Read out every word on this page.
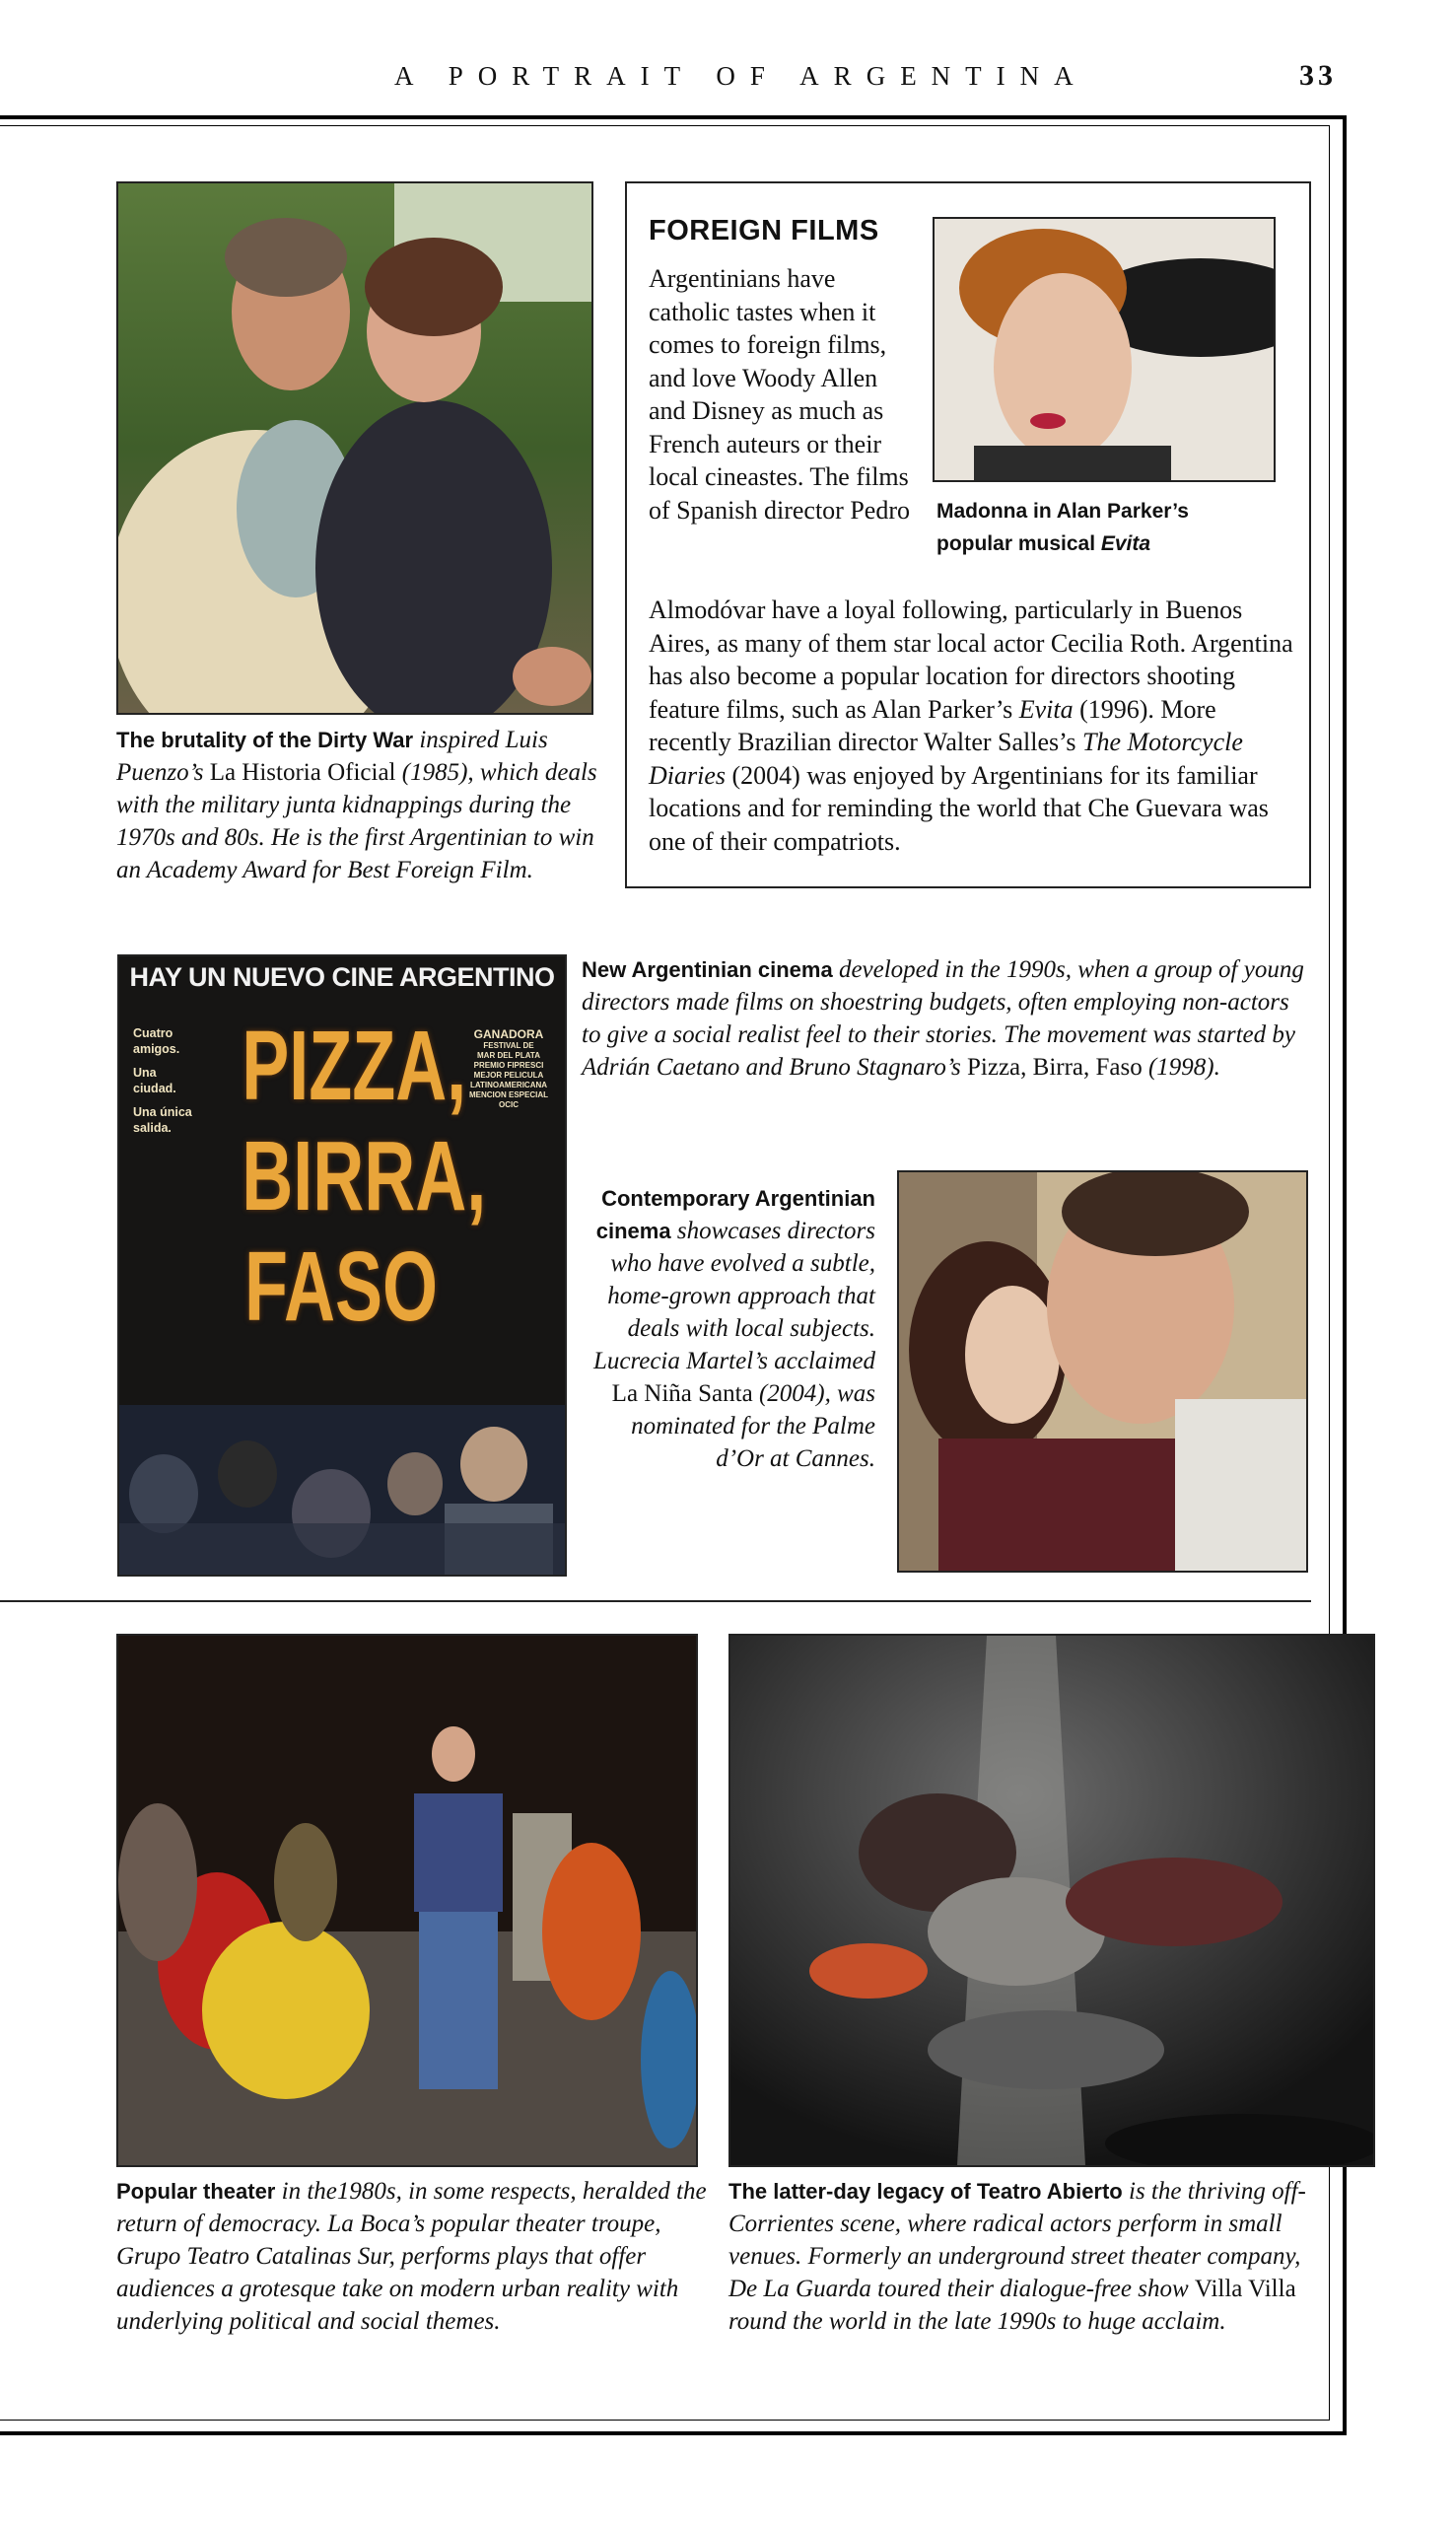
A PORTRAIT OF ARGENTINA	33
The brutality of the Dirty War inspired Luis Puenzo’s La Historia Oficial (1985), which deals with the military junta kidnappings during the 1970s and 80s. He is the first Argentinian to win an Academy Award for Best Foreign Film.
FOREIGN FILMS
Argentinians have catholic tastes when it comes to foreign films, and love Woody Allen and Disney as much as French auteurs or their local cineastes. The films of Spanish director Pedro Madonna in Alan Parker’s popular musical Evita
Almodóvar have a loyal following, particularly in Buenos Aires, as many of them star local actor Cecilia Roth. Argentina has also become a popular location for directors shooting feature films, such as Alan Parker’s Evita (1996). More recently Brazilian director Walter Salles’s The Motorcycle Diaries (2004) was enjoyed by Argentinians for its familiar locations and for reminding the world that Che Guevara was one of their compatriots.
HAY UN NUEVO CINE ARGENTINO
Cuatro
amigos.
Una
ciudad.
Una única
salida.
GANADORA
FESTIVAL DE
MAR DEL PLATA
PREMIO FIPRESCI
MEJOR PELICULA
LATINOAMERICANA
MENCION ESPECIAL
OCIC
PIZZA,
BIRRA,
FASO
New Argentinian cinema developed in the 1990s, when a group of young directors made films on shoestring budgets, often employing non-actors to give a social realist feel to their stories. The movement was started by Adrián Caetano and Bruno Stagnaro’s Pizza, Birra, Faso (1998).
Contemporary Argentinian cinema showcases directors who have evolved a subtle, home-grown approach that deals with local subjects. Lucrecia Martel’s acclaimed La Niña Santa (2004), was nominated for the Palme d’Or at Cannes.
Popular theater in the1980s, in some respects, heralded the return of democracy. La Boca’s popular theater troupe, Grupo Teatro Catalinas Sur, performs plays that offer audiences a grotesque take on modern urban reality with underlying political and social themes.
The latter-day legacy of Teatro Abierto is the thriving off-Corrientes scene, where radical actors perform in small venues. Formerly an underground street theater company, De La Guarda toured their dialogue-free show Villa Villa round the world in the late 1990s to huge acclaim.
